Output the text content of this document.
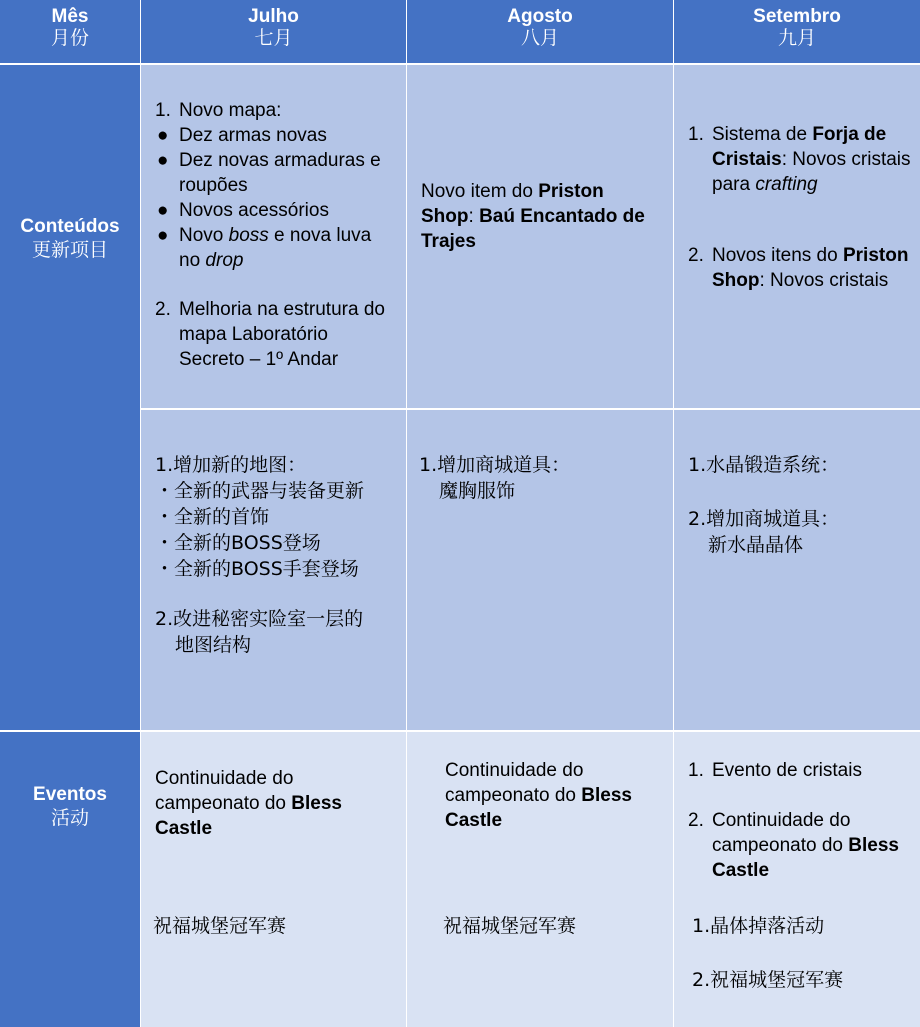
Mês
月份
Julho
七月
Agosto
八月
Setembro
九月
Conteúdos
更新项目
Eventos
活动
1. Novo mapa:
● Dez armas novas
● Dez novas armaduras e roupões
● Novos acessórios
● Novo boss e nova luva no drop
2. Melhoria na estrutura do mapa Laboratório Secreto – 1º Andar
Novo item do Priston Shop: Baú Encantado de Trajes
1. Sistema de Forja de Cristais: Novos cristais para crafting
2. Novos itens do Priston Shop: Novos cristais
1.增加新的地图：
・全新的武器与装备更新
・全新的首饰
・全新的BOSS登场
・全新的BOSS手套登场
2.改进秘密实险室一层的
地图结构
1.增加商城道具：
魔胸服饰
1.水晶锻造系统：
2.增加商城道具：
新水晶晶体
Continuidade do campeonato do Bless Castle
祝福城堡冠军赛
Continuidade do campeonato do Bless Castle
祝福城堡冠军赛
1. Evento de cristais
2. Continuidade do campeonato do Bless Castle
1.晶体掉落活动
2.祝福城堡冠军赛
